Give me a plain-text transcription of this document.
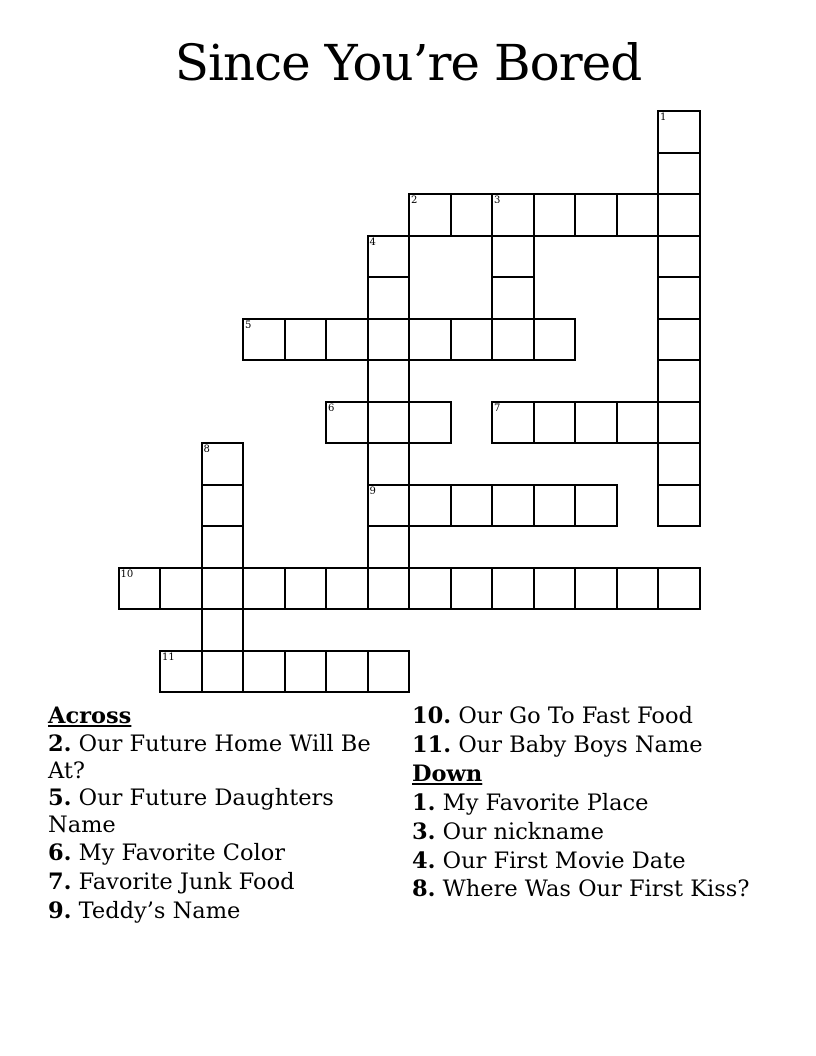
Since You’re Bored
1
2	3
4
9
5
6	7
8
10
11
Across
2. Our Future Home Will Be At?
5. Our Future Daughters Name
6. My Favorite Color
7. Favorite Junk Food
9. Teddy’s Name
10. Our Go To Fast Food
11. Our Baby Boys Name
Down
1. My Favorite Place
3. Our nickname
4. Our First Movie Date
8. Where Was Our First Kiss?
